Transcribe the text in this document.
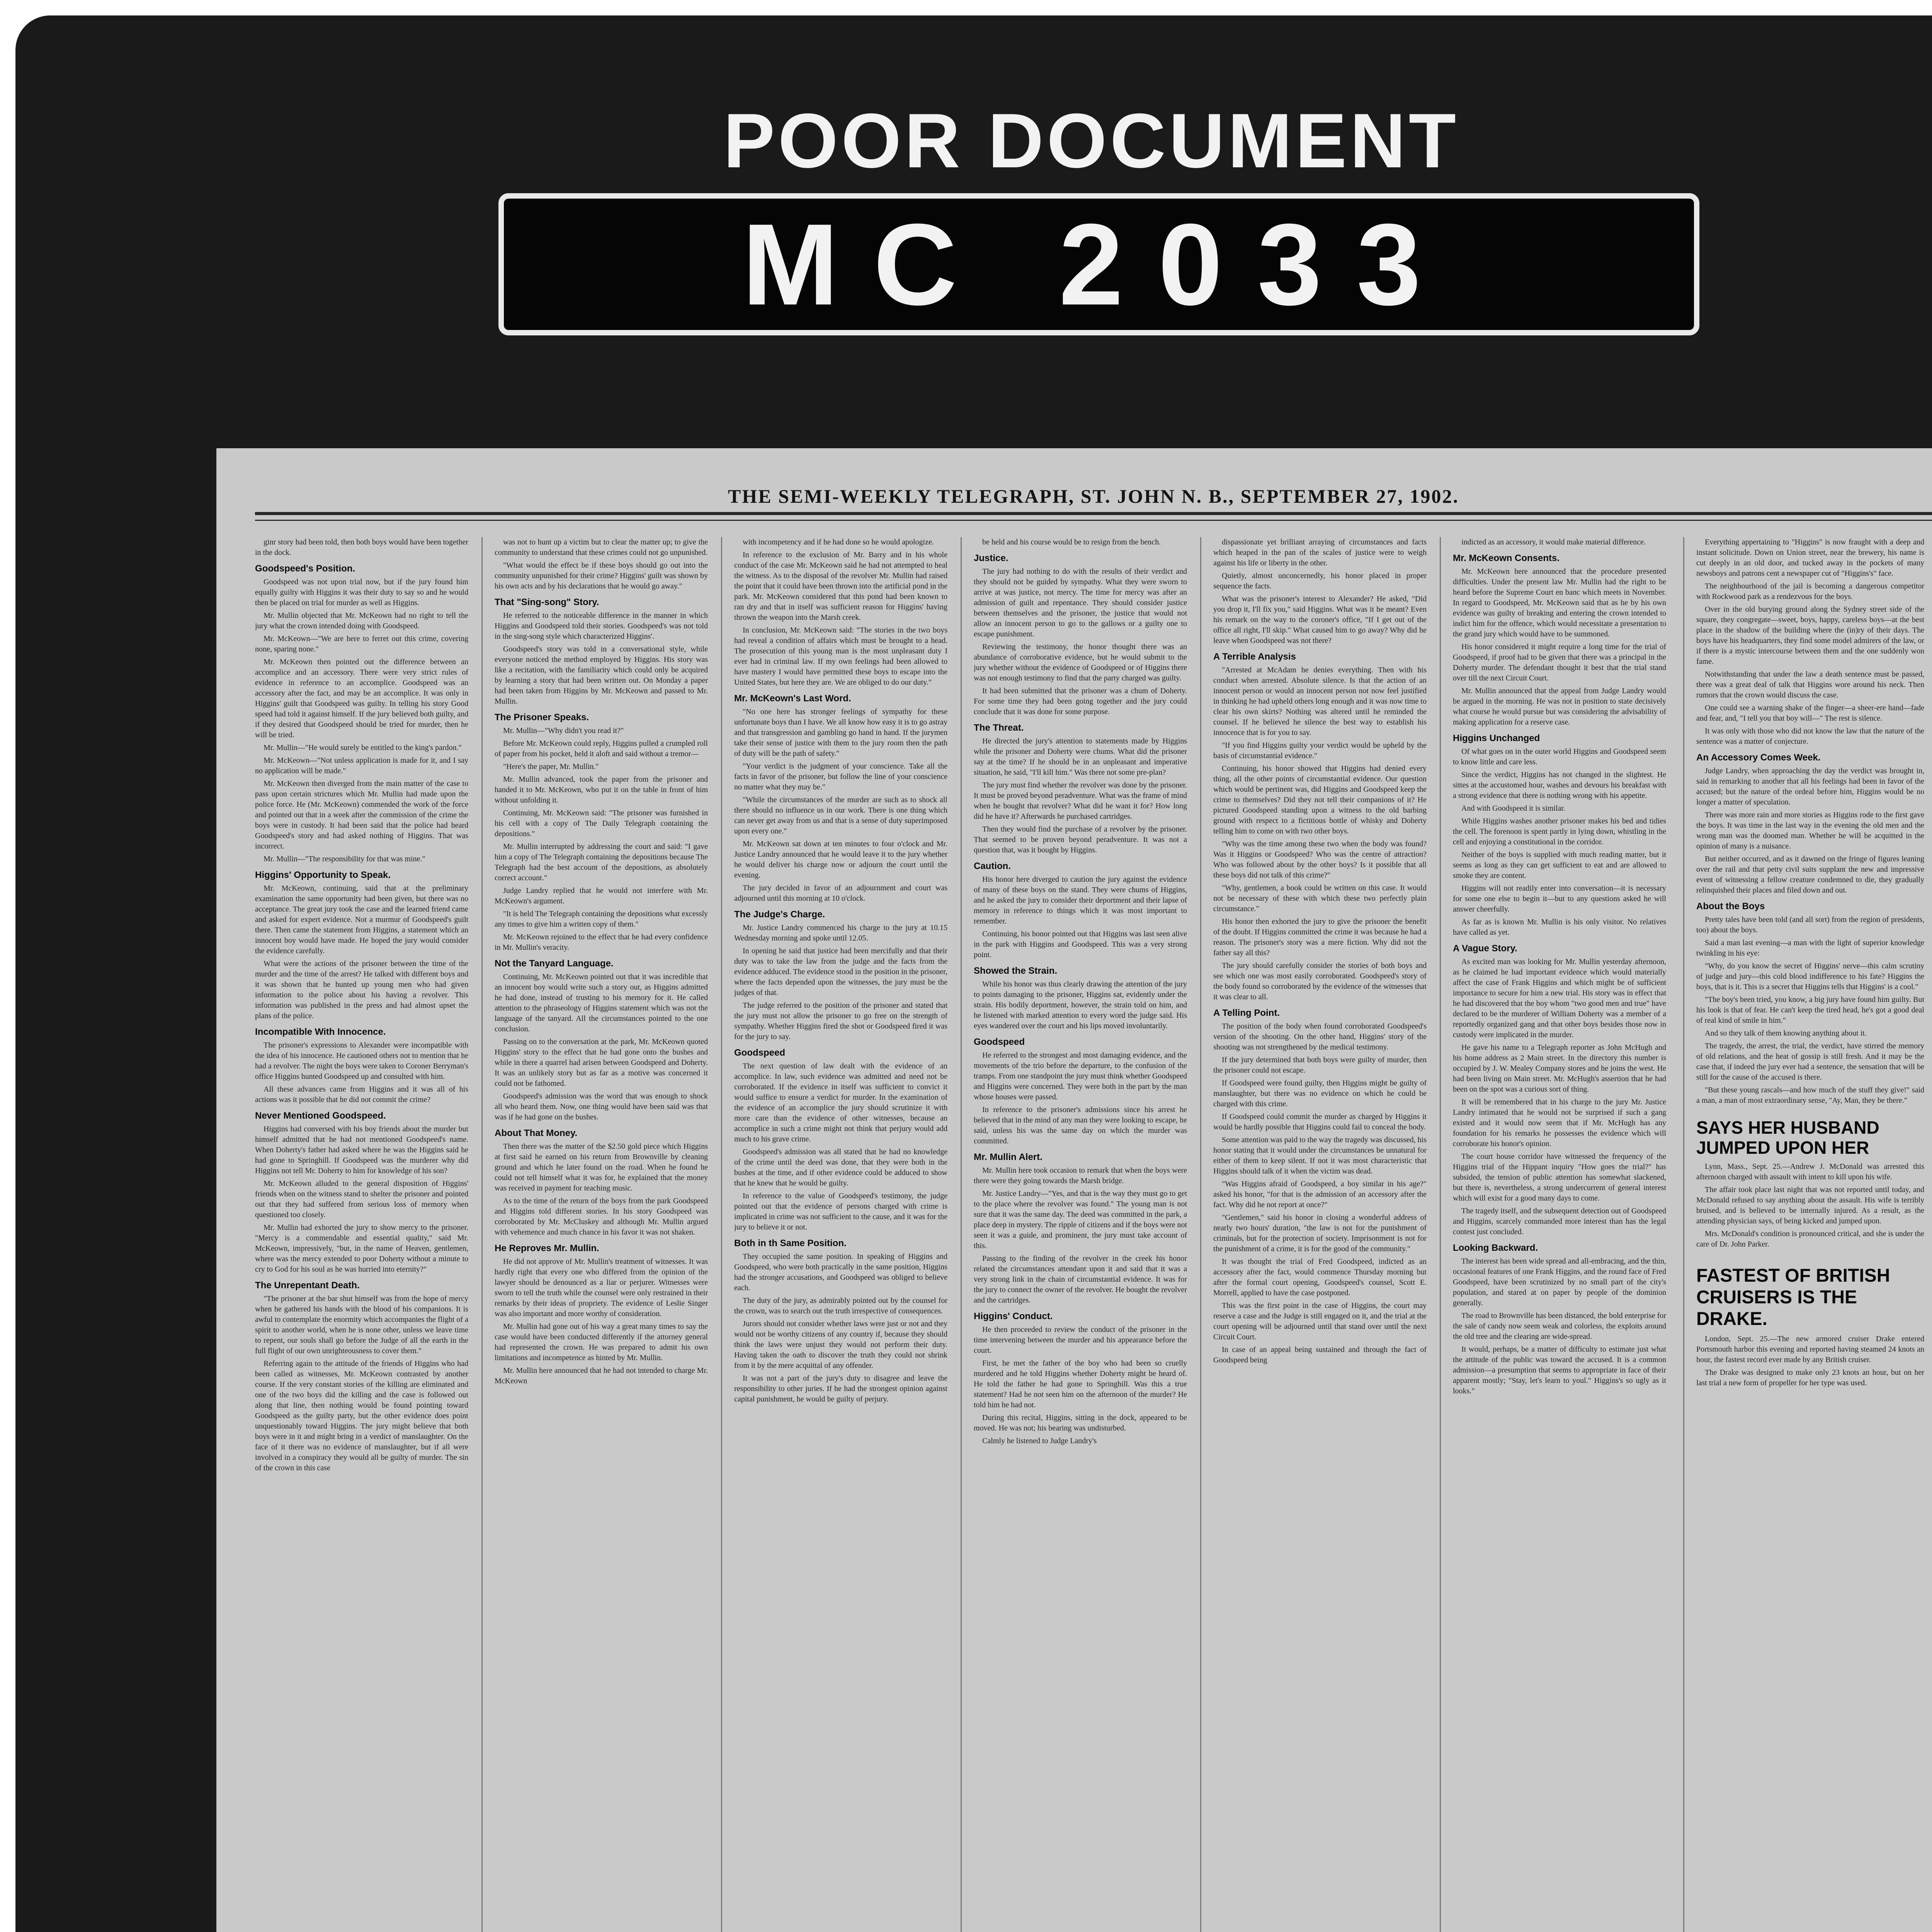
POOR DOCUMENT
MC 2033
THE SEMI-WEEKLY TELEGRAPH, ST. JOHN N. B., SEPTEMBER 27, 1902.

ginr story had been told, then both boys would have been together in the dock.

Goodspeed's Position.

Goodspeed was not upon trial now, but if the jury found him equally guilty with Higgins it was their duty to say so and he would then be placed on trial for murder as well as Higgins.

Mr. Mullin objected that Mr. McKeown had no right to tell the jury what the crown intended doing with Goodspeed.

Mr. McKeown—"We are here to ferret out this crime, covering none, sparing none."

Mr. McKeown then pointed out the difference between an accomplice and an accessory. There were very strict rules of evidence in reference to an accomplice. Goodspeed was an accessory after the fact, and may be an accomplice. It was only in Higgins' guilt that Goodspeed was guilty. In telling his story Good speed had told it against himself. If the jury believed both guilty, and if they desired that Goodspeed should be tried for murder, then he will be tried.

Mr. Mullin—"He would surely be entitled to the king's pardon."

Mr. McKeown—"Not unless application is made for it, and I say no application will be made."

Mr. McKeown then diverged from the main matter of the case to pass upon certain strictures which Mr. Mullin had made upon the police force. He (Mr. McKeown) commended the work of the force and pointed out that in a week after the commission of the crime the boys were in custody. It had been said that the police had heard Goodspeed's story and had asked nothing of Higgins. That was incorrect.

Mr. Mullin—"The responsibility for that was mine."

Higgins' Opportunity to Speak.

Mr. McKeown, continuing, said that at the preliminary examination the same opportunity had been given, but there was no acceptance. The great jury took the case and the learned friend came and asked for expert evidence. Not a murmur of Goodspeed's guilt there. Then came the statement from Higgins, a statement which an innocent boy would have made. He hoped the jury would consider the evidence carefully.

What were the actions of the prisoner between the time of the murder and the time of the arrest? He talked with different boys and it was shown that he hunted up young men who had given information to the police about his having a revolver. This information was published in the press and had almost upset the plans of the police.

Incompatible With Innocence.

The prisoner's expressions to Alexander were incompatible with the idea of his innocence. He cautioned others not to mention that he had a revolver. The night the boys were taken to Coroner Berryman's office Higgins hunted Goodspeed up and consulted with him.

All these advances came from Higgins and it was all of his actions was it possible that he did not commit the crime?

Never Mentioned Goodspeed.

Higgins had conversed with his boy friends about the murder but himself admitted that he had not mentioned Goodspeed's name. When Doherty's father had asked where he was the Higgins said he had gone to Springhill. If Goodspeed was the murderer why did Higgins not tell Mr. Doherty to him for knowledge of his son?

Mr. McKeown alluded to the general disposition of Higgins' friends when on the witness stand to shelter the prisoner and pointed out that they had suffered from serious loss of memory when questioned too closely.

Mr. Mullin had exhorted the jury to show mercy to the prisoner. "Mercy is a commendable and essential quality," said Mr. McKeown, impressively, "but, in the name of Heaven, gentlemen, where was the mercy extended to poor Doherty without a minute to cry to God for his soul as he was hurried into eternity?"

The Unrepentant Death.

"The prisoner at the bar shut himself was from the hope of mercy when he gathered his hands with the blood of his companions. It is awful to contemplate the enormity which accompanies the flight of a spirit to another world, when he is none other, unless we leave time to repent, our souls shall go before the Judge of all the earth in the full flight of our own unrighteousness to cover them."

Referring again to the attitude of the friends of Higgins who had been called as witnesses, Mr. McKeown contrasted by another course. If the very constant stories of the killing are eliminated and one of the two boys did the killing and the case is followed out along that line, then nothing would be found pointing toward Goodspeed as the guilty party, but the other evidence does point unquestionably toward Higgins. The jury might believe that both boys were in it and might bring in a verdict of manslaughter. On the face of it there was no evidence of manslaughter, but if all were involved in a conspiracy they would all be guilty of murder. The sin of the crown in this case

was not to hunt up a victim but to clear the matter up; to give the community to understand that these crimes could not go unpunished.

"What would the effect be if these boys should go out into the community unpunished for their crime? Higgins' guilt was shown by his own acts and by his declarations that he would go away."

That "Sing-song" Story.

He referred to the noticeable difference in the manner in which Higgins and Goodspeed told their stories. Goodspeed's was not told in the sing-song style which characterized Higgins'.

Goodspeed's story was told in a conversational style, while everyone noticed the method employed by Higgins. His story was like a recitation, with the familiarity which could only be acquired by learning a story that had been written out. On Monday a paper had been taken from Higgins by Mr. McKeown and passed to Mr. Mullin.

The Prisoner Speaks.

Mr. Mullin—"Why didn't you read it?"

Before Mr. McKeown could reply, Higgins pulled a crumpled roll of paper from his pocket, held it aloft and said without a tremor—

"Here's the paper, Mr. Mullin."

Mr. Mullin advanced, took the paper from the prisoner and handed it to Mr. McKeown, who put it on the table in front of him without unfolding it.

Continuing, Mr. McKeown said: "The prisoner was furnished in his cell with a copy of The Daily Telegraph containing the depositions."

Mr. Mullin interrupted by addressing the court and said: "I gave him a copy of The Telegraph containing the depositions because The Telegraph had the best account of the depositions, as absolutely correct account."

Judge Landry replied that he would not interfere with Mr. McKeown's argument.

"It is held The Telegraph containing the depositions what excessly any times to give him a written copy of them."

Mr. McKeown rejoined to the effect that he had every confidence in Mr. Mullin's veracity.

Not the Tanyard Language.

Continuing, Mr. McKeown pointed out that it was incredible that an innocent boy would write such a story out, as Higgins admitted he had done, instead of trusting to his memory for it. He called attention to the phraseology of Higgins statement which was not the language of the tanyard. All the circumstances pointed to the one conclusion.

Passing on to the conversation at the park, Mr. McKeown quoted Higgins' story to the effect that he had gone onto the bushes and while in there a quarrel had arisen between Goodspeed and Doherty. It was an unlikely story but as far as a motive was concerned it could not be fathomed.

Goodspeed's admission was the word that was enough to shock all who heard them. Now, one thing would have been said was that was if he had gone on the bushes.

About That Money.

Then there was the matter of the $2.50 gold piece which Higgins at first said he earned on his return from Brownville by cleaning ground and which he later found on the road. When he found he could not tell himself what it was for, he explained that the money was received in payment for teaching music.

As to the time of the return of the boys from the park Goodspeed and Higgins told different stories. In his story Goodspeed was corroborated by Mr. McCluskey and although Mr. Mullin argued with vehemence and much chance in his favor it was not shaken.

He Reproves Mr. Mullin.

He did not approve of Mr. Mullin's treatment of witnesses. It was hardly right that every one who differed from the opinion of the lawyer should be denounced as a liar or perjurer. Witnesses were sworn to tell the truth while the counsel were only restrained in their remarks by their ideas of propriety. The evidence of Leslie Singer was also important and more worthy of consideration.

Mr. Mullin had gone out of his way a great many times to say the case would have been conducted differently if the attorney general had represented the crown. He was prepared to admit his own limitations and incompetence as hinted by Mr. Mullin.

Mr. Mullin here announced that he had not intended to charge Mr. McKeown

with incompetency and if he had done so he would apologize.

In reference to the exclusion of Mr. Barry and in his whole conduct of the case Mr. McKeown said he had not attempted to heal the witness. As to the disposal of the revolver Mr. Mullin had raised the point that it could have been thrown into the artificial pond in the park. Mr. McKeown considered that this pond had been known to ran dry and that in itself was sufficient reason for Higgins' having thrown the weapon into the Marsh creek.

In conclusion, Mr. McKeown said: "The stories in the two boys had reveal a condition of affairs which must be brought to a head. The prosecution of this young man is the most unpleasant duty I ever had in criminal law. If my own feelings had been allowed to have mastery I would have permitted these boys to escape into the United States, but here they are. We are obliged to do our duty."

Mr. McKeown's Last Word.

"No one here has stronger feelings of sympathy for these unfortunate boys than I have. We all know how easy it is to go astray and that transgression and gambling go hand in hand. If the jurymen take their sense of justice with them to the jury room then the path of duty will be the path of safety."

"Your verdict is the judgment of your conscience. Take all the facts in favor of the prisoner, but follow the line of your conscience no matter what they may be."

"While the circumstances of the murder are such as to shock all there should no influence us in our work. There is one thing which can never get away from us and that is a sense of duty superimposed upon every one."

Mr. McKeown sat down at ten minutes to four o'clock and Mr. Justice Landry announced that he would leave it to the jury whether he would deliver his charge now or adjourn the court until the evening.

The jury decided in favor of an adjournment and court was adjourned until this morning at 10 o'clock.

The Judge's Charge.

Mr. Justice Landry commenced his charge to the jury at 10.15 Wednesday morning and spoke until 12.05.

In opening he said that justice had been mercifully and that their duty was to take the law from the judge and the facts from the evidence adduced. The evidence stood in the position in the prisoner, where the facts depended upon the witnesses, the jury must be the judges of that.

The judge referred to the position of the prisoner and stated that the jury must not allow the prisoner to go free on the strength of sympathy. Whether Higgins fired the shot or Goodspeed fired it was for the jury to say.

Goodspeed

The next question of law dealt with the evidence of an accomplice. In law, such evidence was admitted and need not be corroborated. If the evidence in itself was sufficient to convict it would suffice to ensure a verdict for murder. In the examination of the evidence of an accomplice the jury should scrutinize it with more care than the evidence of other witnesses, because an accomplice in such a crime might not think that perjury would add much to his grave crime.

Goodspeed's admission was all stated that he had no knowledge of the crime until the deed was done, that they were both in the bushes at the time, and if other evidence could be adduced to show that he knew that he would be guilty.

In reference to the value of Goodspeed's testimony, the judge pointed out that the evidence of persons charged with crime is implicated in crime was not sufficient to the cause, and it was for the jury to believe it or not.

Both in th Same Position.

They occupied the same position. In speaking of Higgins and Goodspeed, who were both practically in the same position, Higgins had the stronger accusations, and Goodspeed was obliged to believe each.

The duty of the jury, as admirably pointed out by the counsel for the crown, was to search out the truth irrespective of consequences.

Jurors should not consider whether laws were just or not and they would not be worthy citizens of any country if, because they should think the laws were unjust they would not perform their duty. Having taken the oath to discover the truth they could not shrink from it by the mere acquittal of any offender.

It was not a part of the jury's duty to disagree and leave the responsibility to other juries. If he had the strongest opinion against capital punishment, he would be guilty of perjury.

be held and his course would be to resign from the bench.

Justice.

The jury had nothing to do with the results of their verdict and they should not be guided by sympathy. What they were sworn to arrive at was justice, not mercy. The time for mercy was after an admission of guilt and repentance. They should consider justice between themselves and the prisoner, the justice that would not allow an innocent person to go to the gallows or a guilty one to escape punishment.

Reviewing the testimony, the honor thought there was an abundance of corroborative evidence, but he would submit to the jury whether without the evidence of Goodspeed or of Higgins there was not enough testimony to find that the party charged was guilty.

It had been submitted that the prisoner was a chum of Doherty. For some time they had been going together and the jury could conclude that it was done for some purpose.

The Threat.

He directed the jury's attention to statements made by Higgins while the prisoner and Doherty were chums. What did the prisoner say at the time? If he should be in an unpleasant and imperative situation, he said, "I'll kill him." Was there not some pre-plan?

The jury must find whether the revolver was done by the prisoner. It must be proved beyond peradventure. What was the frame of mind when he bought that revolver? What did he want it for? How long did he have it? Afterwards he purchased cartridges.

Then they would find the purchase of a revolver by the prisoner. That seemed to be proven beyond peradventure. It was not a question that, was it bought by Higgins.

Caution.

His honor here diverged to caution the jury against the evidence of many of these boys on the stand. They were chums of Higgins, and he asked the jury to consider their deportment and their lapse of memory in reference to things which it was most important to remember.

Continuing, his honor pointed out that Higgins was last seen alive in the park with Higgins and Goodspeed. This was a very strong point.

Showed the Strain.

While his honor was thus clearly drawing the attention of the jury to points damaging to the prisoner, Higgins sat, evidently under the strain. His bodily deportment, however, the strain told on him, and he listened with marked attention to every word the judge said. His eyes wandered over the court and his lips moved involuntarily.

Goodspeed

He referred to the strongest and most damaging evidence, and the movements of the trio before the departure, to the confusion of the tramps. From one standpoint the jury must think whether Goodspeed and Higgins were concerned. They were both in the part by the man whose houses were passed.

In reference to the prisoner's admissions since his arrest he believed that in the mind of any man they were looking to escape, he said, unless his was the same day on which the murder was committed.

Mr. Mullin Alert.

Mr. Mullin here took occasion to remark that when the boys were there were they going towards the Marsh bridge.

Mr. Justice Landry—"Yes, and that is the way they must go to get to the place where the revolver was found." The young man is not sure that it was the same day. The deed was committed in the park, a place deep in mystery. The ripple of citizens and if the boys were not seen it was a guide, and prominent, the jury must take account of this.

Passing to the finding of the revolver in the creek his honor related the circumstances attendant upon it and said that it was a very strong link in the chain of circumstantial evidence. It was for the jury to connect the owner of the revolver. He bought the revolver and the cartridges.

Higgins' Conduct.

He then proceeded to review the conduct of the prisoner in the time intervening between the murder and his appearance before the court.

First, he met the father of the boy who had been so cruelly murdered and he told Higgins whether Doherty might be heard of. He told the father he had gone to Springhill. Was this a true statement? Had he not seen him on the afternoon of the murder? He told him he had not.

During this recital, Higgins, sitting in the dock, appeared to be moved. He was not; his bearing was undisturbed.

Calmly he listened to Judge Landry's

dispassionate yet brilliant arraying of circumstances and facts which heaped in the pan of the scales of justice were to weigh against his life or liberty in the other.

Quietly, almost unconcernedly, his honor placed in proper sequence the facts.

What was the prisoner's interest to Alexander? He asked, "Did you drop it, I'll fix you," said Higgins. What was it he meant? Even his remark on the way to the coroner's office, "If I get out of the office all right, I'll skip." What caused him to go away? Why did he leave when Goodspeed was not there?

A Terrible Analysis

"Arrested at McAdam he denies everything. Then with his conduct when arrested. Absolute silence. Is that the action of an innocent person or would an innocent person not now feel justified in thinking he had upheld others long enough and it was now time to clear his own skirts? Nothing was altered until he reminded the counsel. If he believed he silence the best way to establish his innocence that is for you to say.

"If you find Higgins guilty your verdict would be upheld by the basis of circumstantial evidence."

Continuing, his honor showed that Higgins had denied every thing, all the other points of circumstantial evidence. Our question which would be pertinent was, did Higgins and Goodspeed keep the crime to themselves? Did they not tell their companions of it? He pictured Goodspeed standing upon a witness to the old barbing ground with respect to a fictitious bottle of whisky and Doherty telling him to come on with two other boys.

"Why was the time among these two when the body was found? Was it Higgins or Goodspeed? Who was the centre of attraction? Who was followed about by the other boys? Is it possible that all these boys did not talk of this crime?"

"Why, gentlemen, a book could be written on this case. It would not be necessary of these with which these two perfectly plain circumstance."

His honor then exhorted the jury to give the prisoner the benefit of the doubt. If Higgins committed the crime it was because he had a reason. The prisoner's story was a mere fiction. Why did not the father say all this?

The jury should carefully consider the stories of both boys and see which one was most easily corroborated. Goodspeed's story of the body found so corroborated by the evidence of the witnesses that it was clear to all.

A Telling Point.

The position of the body when found corroborated Goodspeed's version of the shooting. On the other hand, Higgins' story of the shooting was not strengthened by the medical testimony.

If the jury determined that both boys were guilty of murder, then the prisoner could not escape.

If Goodspeed were found guilty, then Higgins might be guilty of manslaughter, but there was no evidence on which he could be charged with this crime.

If Goodspeed could commit the murder as charged by Higgins it would be hardly possible that Higgins could fail to conceal the body.

Some attention was paid to the way the tragedy was discussed, his honor stating that it would under the circumstances be unnatural for either of them to keep silent. If not it was most characteristic that Higgins should talk of it when the victim was dead.

"Was Higgins afraid of Goodspeed, a boy similar in his age?" asked his honor, "for that is the admission of an accessory after the fact. Why did he not report at once?"

"Gentlemen," said his honor in closing a wonderful address of nearly two hours' duration, "the law is not for the punishment of criminals, but for the protection of society. Imprisonment is not for the punishment of a crime, it is for the good of the community."

It was thought the trial of Fred Goodspeed, indicted as an accessory after the fact, would commence Thursday morning but after the formal court opening, Goodspeed's counsel, Scott E. Morrell, applied to have the case postponed.

This was the first point in the case of Higgins, the court may reserve a case and the Judge is still engaged on it, and the trial at the court opening will be adjourned until that stand over until the next Circuit Court.

In case of an appeal being sustained and through the fact of Goodspeed being

indicted as an accessory, it would make material difference.

Mr. McKeown Consents.

Mr. McKeown here announced that the procedure presented difficulties. Under the present law Mr. Mullin had the right to be heard before the Supreme Court en banc which meets in November. In regard to Goodspeed, Mr. McKeown said that as he by his own evidence was guilty of breaking and entering the crown intended to indict him for the offence, which would necessitate a presentation to the grand jury which would have to be summoned.

His honor considered it might require a long time for the trial of Goodspeed, if proof had to be given that there was a principal in the Doherty murder. The defendant thought it best that the trial stand over till the next Circuit Court.

Mr. Mullin announced that the appeal from Judge Landry would be argued in the morning. He was not in position to state decisively what course he would pursue but was considering the advisability of making application for a reserve case.

Higgins Unchanged

Of what goes on in the outer world Higgins and Goodspeed seem to know little and care less.

Since the verdict, Higgins has not changed in the slightest. He sittes at the accustomed hour, washes and devours his breakfast with a strong evidence that there is nothing wrong with his appetite.

And with Goodspeed it is similar.

While Higgins washes another prisoner makes his bed and tidies the cell. The forenoon is spent partly in lying down, whistling in the cell and enjoying a constitutional in the corridor.

Neither of the boys is supplied with much reading matter, but it seems as long as they can get sufficient to eat and are allowed to smoke they are content.

Higgins will not readily enter into conversation—it is necessary for some one else to begin it—but to any questions asked he will answer cheerfully.

As far as is known Mr. Mullin is his only visitor. No relatives have called as yet.

A Vague Story.

As excited man was looking for Mr. Mullin yesterday afternoon, as he claimed he had important evidence which would materially affect the case of Frank Higgins and which might be of sufficient importance to secure for him a new trial. His story was in effect that he had discovered that the boy whom "two good men and true" have declared to be the murderer of William Doherty was a member of a reportedly organized gang and that other boys besides those now in custody were implicated in the murder.

He gave his name to a Telegraph reporter as John McHugh and his home address as 2 Main street. In the directory this number is occupied by J. W. Mealey Company stores and he joins the west. He had been living on Main street. Mr. McHugh's assertion that he had been on the spot was a curious sort of thing.

It will be remembered that in his charge to the jury Mr. Justice Landry intimated that he would not be surprised if such a gang existed and it would now seem that if Mr. McHugh has any foundation for his remarks he possesses the evidence which will corroborate his honor's opinion.

The court house corridor have witnessed the frequency of the Higgins trial of the Hippant inquiry "How goes the trial?" has subsided, the tension of public attention has somewhat slackened, but there is, nevertheless, a strong undercurrent of general interest which will exist for a good many days to come.

The tragedy itself, and the subsequent detection out of Goodspeed and Higgins, scarcely commanded more interest than has the legal contest just concluded.

Looking Backward.

The interest has been wide spread and all-embracing, and the thin, occasional features of one Frank Higgins, and the round face of Fred Goodspeed, have been scrutinized by no small part of the city's population, and stared at on paper by people of the dominion generally.

The road to Brownville has been distanced, the bold enterprise for the sale of candy now seem weak and colorless, the exploits around the old tree and the clearing are wide-spread.

It would, perhaps, be a matter of difficulty to estimate just what the attitude of the public was toward the accused. It is a common admission—a presumption that seems to appropriate in face of their apparent mostly; "Stay, let's learn to youl." Higgins's so ugly as it looks."

Everything appertaining to "Higgins" is now fraught with a deep and instant solicitude. Down on Union street, near the brewery, his name is cut deeply in an old door, and tucked away in the pockets of many newsboys and patrons cent a newspaper cut of "Higgins's" face.

The neighbourhood of the jail is becoming a dangerous competitor with Rockwood park as a rendezvous for the boys.

Over in the old burying ground along the Sydney street side of the square, they congregate—sweet, boys, happy, careless boys—at the best place in the shadow of the building where the (in)ry of their days. The boys have his headquarters, they find some model admirers of the law, or if there is a mystic intercourse between them and the one suddenly won fame.

Notwithstanding that under the law a death sentence must be passed, there was a great deal of talk that Higgins wore around his neck. Then rumors that the crown would discuss the case.

One could see a warning shake of the finger—a sheer-ere hand—fade and fear, and, "I tell you that boy will—" The rest is silence.

It was only with those who did not know the law that the nature of the sentence was a matter of conjecture.

An Accessory Comes Week.

Judge Landry, when approaching the day the verdict was brought in, said in remarking to another that all his feelings had been in favor of the accused; but the nature of the ordeal before him, Higgins would be no longer a matter of speculation.

There was more rain and more stories as Higgins rode to the first gave the boys. It was time in the last way in the evening the old men and the wrong man was the doomed man. Whether he will be acquitted in the opinion of many is a nuisance.

But neither occurred, and as it dawned on the fringe of figures leaning over the rail and that petty civil suits supplant the new and impressive event of witnessing a fellow creature condemned to die, they gradually relinquished their places and filed down and out.

About the Boys

Pretty tales have been told (and all sort) from the region of presidents, too) about the boys.

Said a man last evening—a man with the light of superior knowledge twinkling in his eye:

"Why, do you know the secret of Higgins' nerve—this calm scrutiny of judge and jury—this cold blood indifference to his fate? Higgins the boys, that is it. This is a secret that Higgins tells that Higgins' is a cool."

"The boy's been tried, you know, a big jury have found him guilty. But his look is that of fear. He can't keep the tired head, he's got a good deal of real kind of smile in him."

And so they talk of them knowing anything about it.

The tragedy, the arrest, the trial, the verdict, have stirred the memory of old relations, and the heat of gossip is still fresh. And it may be the case that, if indeed the jury ever had a sentence, the sensation that will be still for the cause of the accused is there.

"But these young rascals—and how much of the stuff they give!" said a man, a man of most extraordinary sense, "Ay, Man, they be there."

SAYS HER HUSBAND JUMPED UPON HER

Lynn, Mass., Sept. 25.—Andrew J. McDonald was arrested this afternoon charged with assault with intent to kill upon his wife.

The affair took place last night that was not reported until today, and McDonald refused to say anything about the assault. His wife is terribly bruised, and is believed to be internally injured. As a result, as the attending physician says, of being kicked and jumped upon.

Mrs. McDonald's condition is pronounced critical, and she is under the care of Dr. John Parker.

FASTEST OF BRITISH CRUISERS IS THE DRAKE.

London, Sept. 25.—The new armored cruiser Drake entered Portsmouth harbor this evening and reported having steamed 24 knots an hour, the fastest record ever made by any British cruiser.

The Drake was designed to make only 23 knots an hour, but on her last trial a new form of propeller for her type was used.
